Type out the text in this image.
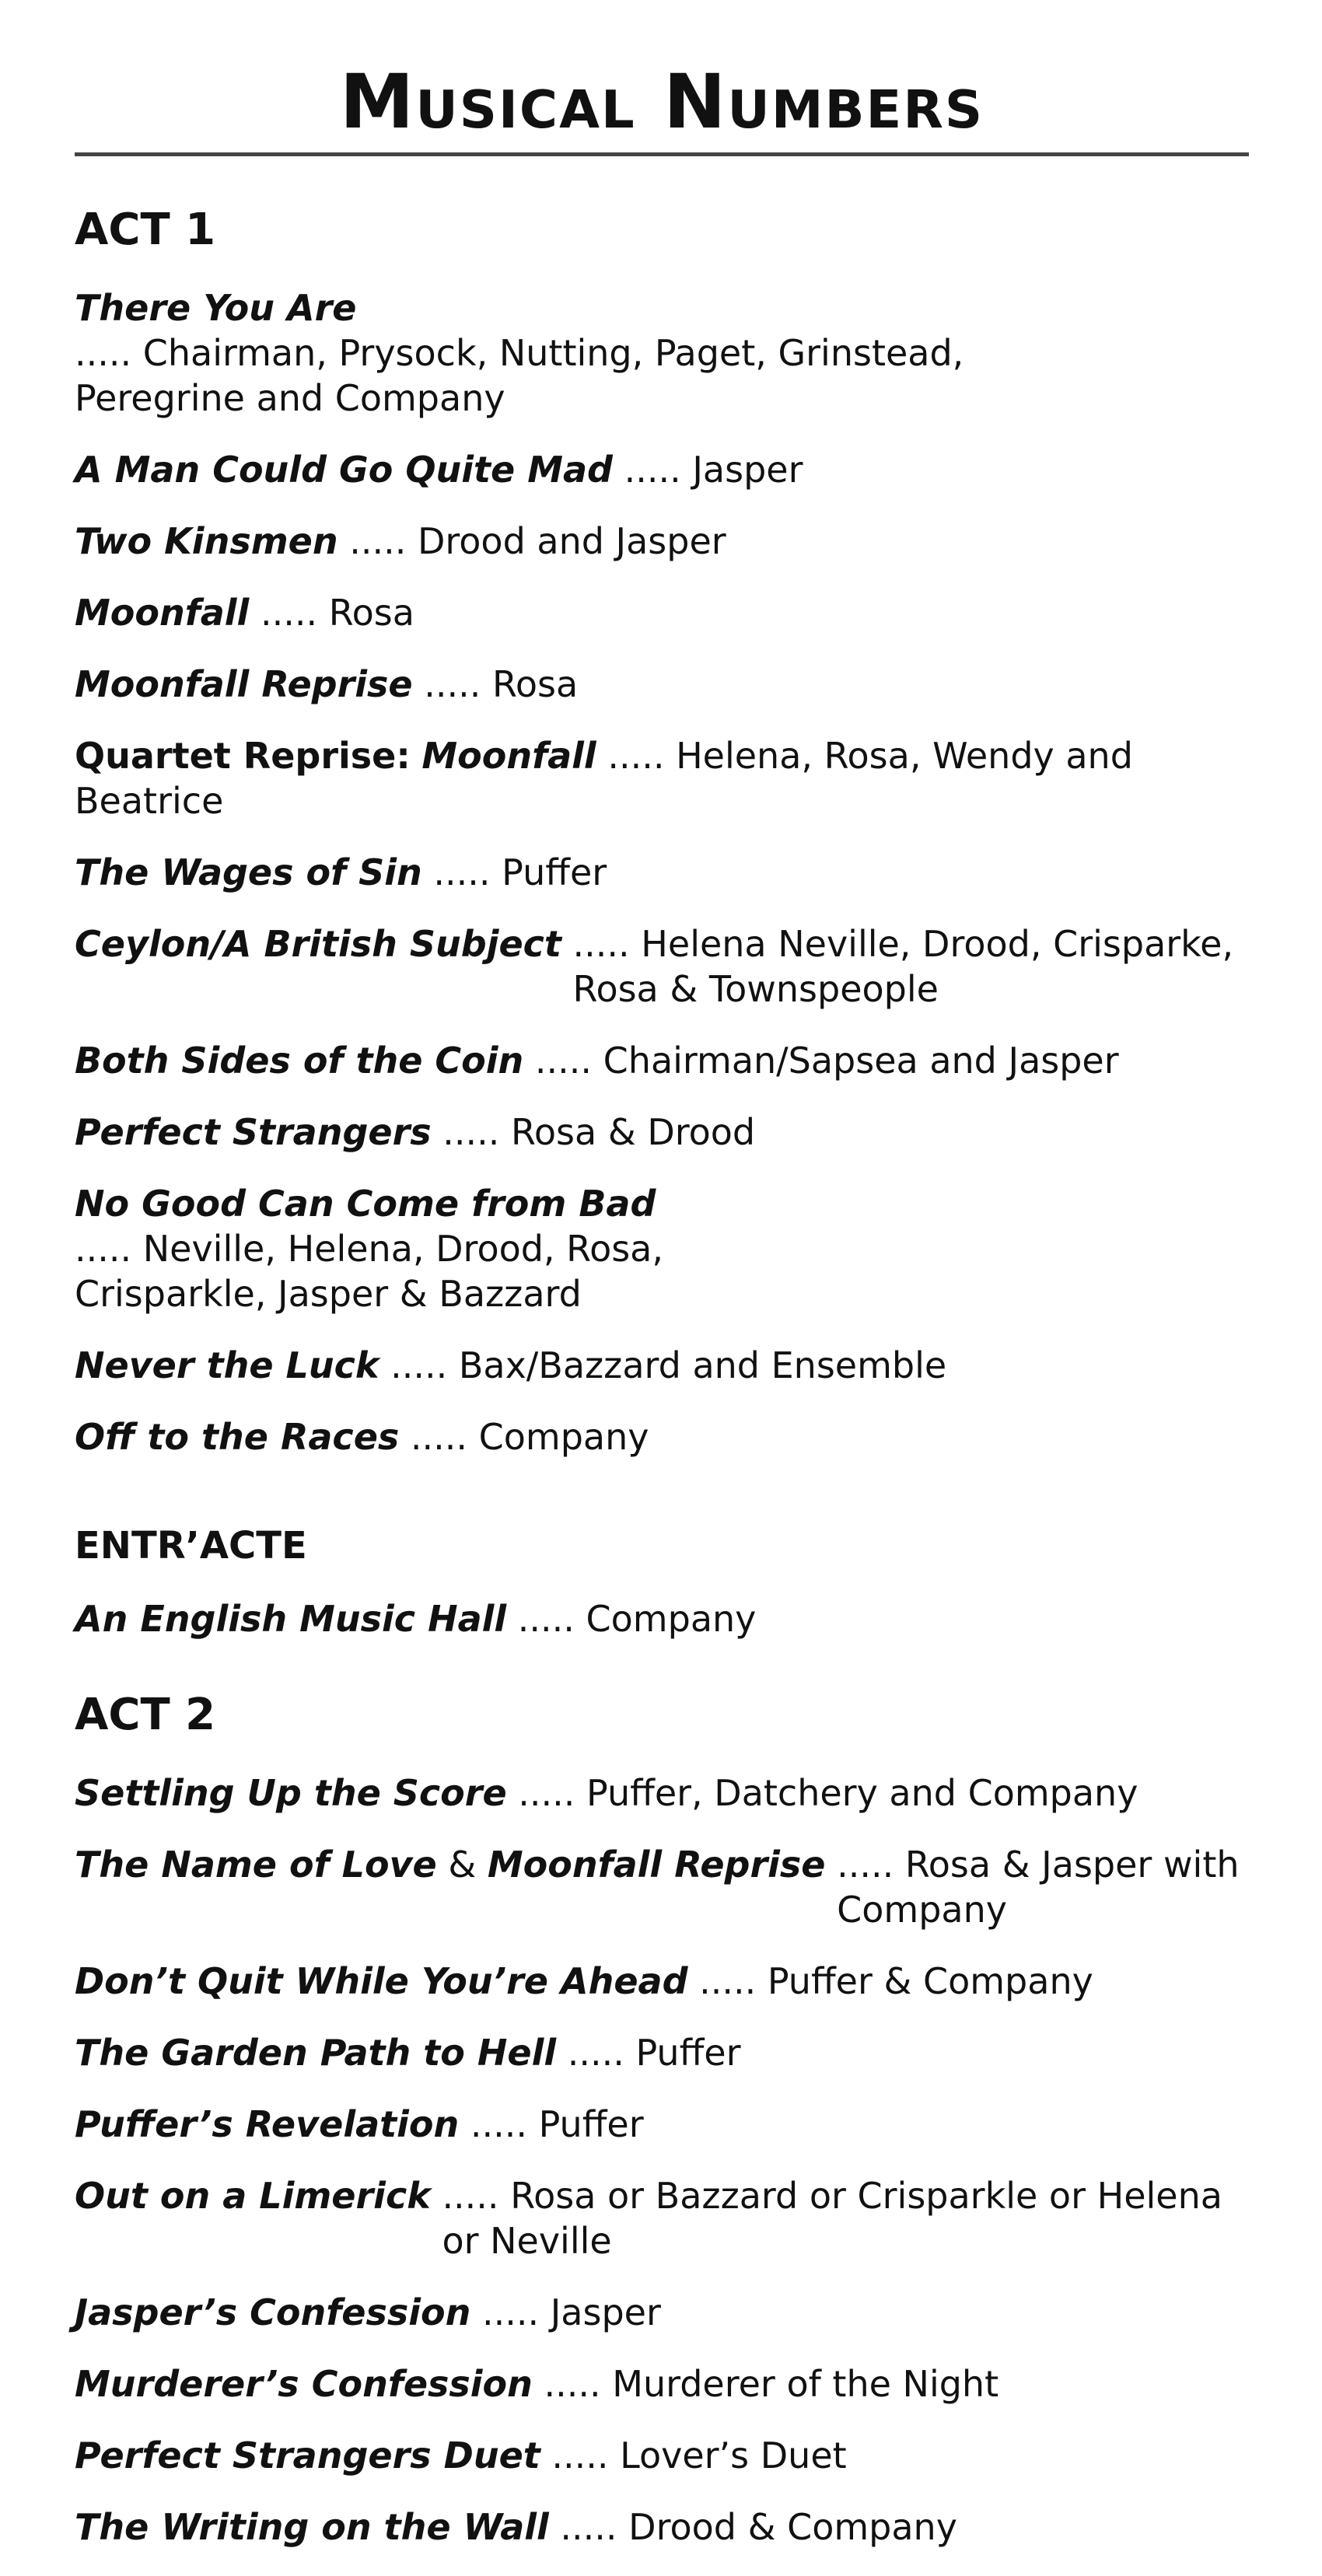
Musical Numbers
ACT 1
There You Are ..... Chairman, Prysock, Nutting, Paget, Grinstead,
Peregrine and Company
A Man Could Go Quite Mad ..... Jasper
Two Kinsmen ..... Drood and Jasper
Moonfall ..... Rosa
Moonfall Reprise ..... Rosa
Quartet Reprise: Moonfall ..... Helena, Rosa, Wendy and Beatrice
The Wages of Sin ..... Puffer
Ceylon/A British Subject ..... Helena Neville, Drood, Crisparke,
Rosa & Townspeople
Both Sides of the Coin ..... Chairman/Sapsea and Jasper
Perfect Strangers ..... Rosa & Drood
No Good Can Come from Bad ..... Neville, Helena, Drood, Rosa,
Crisparkle, Jasper & Bazzard
Never the Luck ..... Bax/Bazzard and Ensemble
Off to the Races ..... Company
ENTR’ACTE
An English Music Hall ..... Company
ACT 2
Settling Up the Score ..... Puffer, Datchery and Company
The Name of Love & Moonfall Reprise ..... Rosa & Jasper with
Company
Don’t Quit While You’re Ahead ..... Puffer & Company
The Garden Path to Hell ..... Puffer
Puffer’s Revelation ..... Puffer
Out on a Limerick ..... Rosa or Bazzard or Crisparkle or Helena
or Neville
Jasper’s Confession ..... Jasper
Murderer’s Confession ..... Murderer of the Night
Perfect Strangers Duet ..... Lover’s Duet
The Writing on the Wall ..... Drood & Company
